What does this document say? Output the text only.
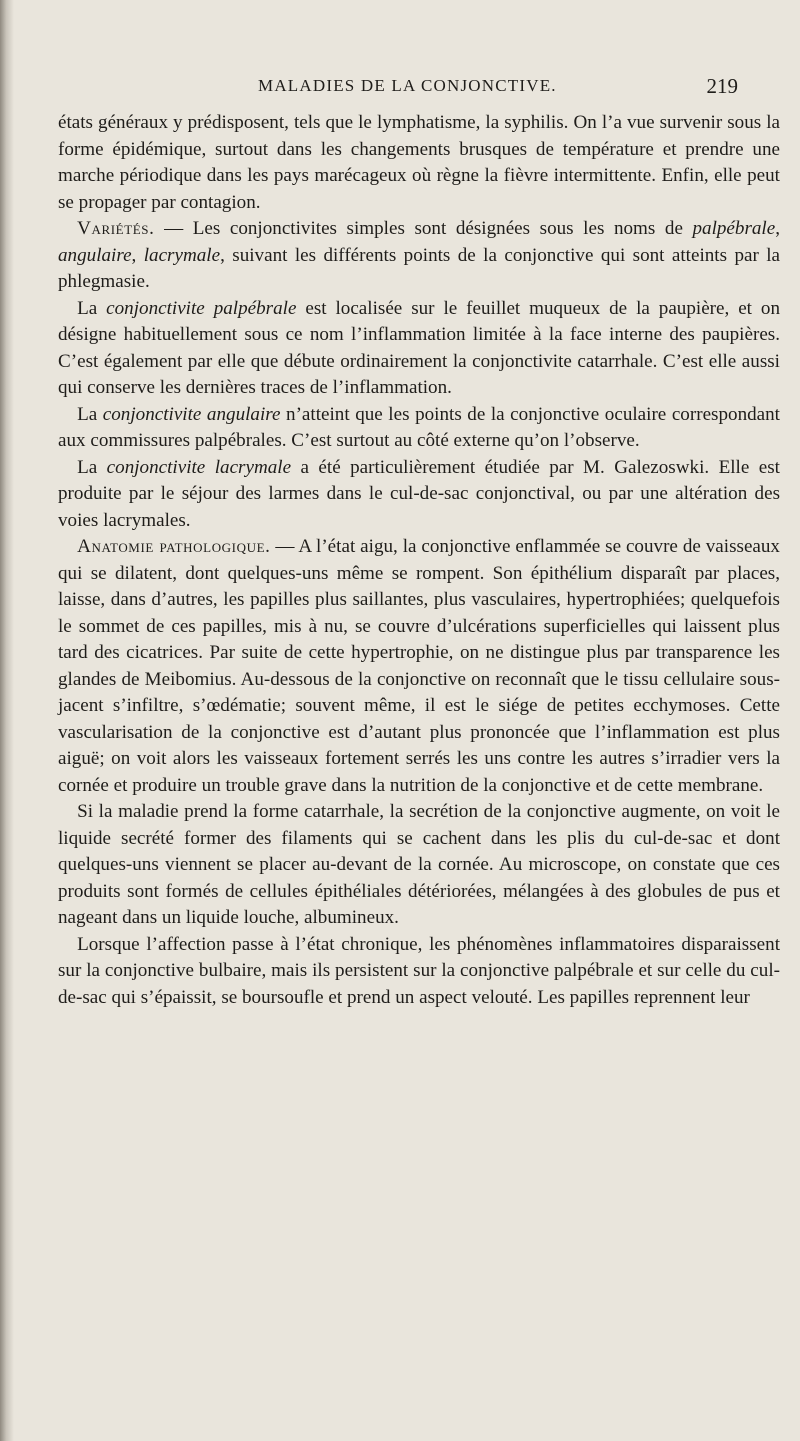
MALADIES DE LA CONJONCTIVE.	219

états généraux y prédisposent, tels que le lymphatisme, la syphilis. On l’a vue survenir sous la forme épidémique, surtout dans les changements brusques de température et prendre une marche périodique dans les pays marécageux où règne la fièvre intermittente. Enfin, elle peut se propager par contagion.

Variétés. — Les conjonctivites simples sont désignées sous les noms de palpébrale, angulaire, lacrymale, suivant les différents points de la conjonctive qui sont atteints par la phlegmasie.

La conjonctivite palpébrale est localisée sur le feuillet muqueux de la paupière, et on désigne habituellement sous ce nom l’inflammation limitée à la face interne des paupières. C’est également par elle que débute ordinairement la conjonctivite catarrhale. C’est elle aussi qui conserve les dernières traces de l’inflammation.

La conjonctivite angulaire n’atteint que les points de la conjonctive oculaire correspondant aux commissures palpébrales. C’est surtout au côté externe qu’on l’observe.

La conjonctivite lacrymale a été particulièrement étudiée par M. Galezoswki. Elle est produite par le séjour des larmes dans le cul-de-sac conjonctival, ou par une altération des voies lacrymales.

Anatomie pathologique. — A l’état aigu, la conjonctive enflammée se couvre de vaisseaux qui se dilatent, dont quelques-uns même se rompent. Son épithélium disparaît par places, laisse, dans d’autres, les papilles plus saillantes, plus vasculaires, hypertrophiées; quelquefois le sommet de ces papilles, mis à nu, se couvre d’ulcérations superficielles qui laissent plus tard des cicatrices. Par suite de cette hypertrophie, on ne distingue plus par transparence les glandes de Meibomius. Au-dessous de la conjonctive on reconnaît que le tissu cellulaire sous-jacent s’infiltre, s’œdématie; souvent même, il est le siége de petites ecchymoses. Cette vascularisation de la conjonctive est d’autant plus prononcée que l’inflammation est plus aiguë; on voit alors les vaisseaux fortement serrés les uns contre les autres s’irradier vers la cornée et produire un trouble grave dans la nutrition de la conjonctive et de cette membrane.

Si la maladie prend la forme catarrhale, la secrétion de la conjonctive augmente, on voit le liquide secrété former des filaments qui se cachent dans les plis du cul-de-sac et dont quelques-uns viennent se placer au-devant de la cornée. Au microscope, on constate que ces produits sont formés de cellules épithéliales détériorées, mélangées à des globules de pus et nageant dans un liquide louche, albumineux.

Lorsque l’affection passe à l’état chronique, les phénomènes inflammatoires disparaissent sur la conjonctive bulbaire, mais ils persistent sur la conjonctive palpébrale et sur celle du cul-de-sac qui s’épaissit, se boursoufle et prend un aspect velouté. Les papilles reprennent leur
